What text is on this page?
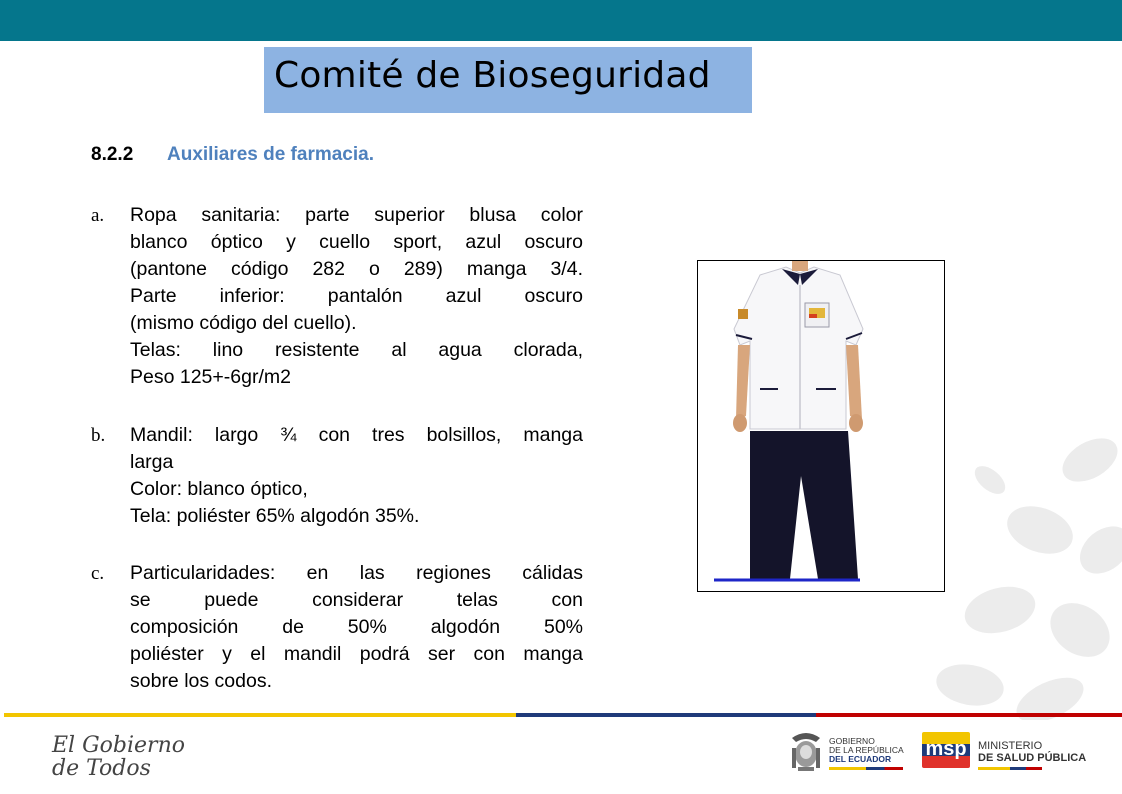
Comité de Bioseguridad
8.2.2 Auxiliares de farmacia.
a. Ropa sanitaria: parte superior blusa color
blanco óptico y cuello sport, azul oscuro
(pantone código 282 o 289) manga 3/4.
Parte inferior: pantalón azul oscuro
(mismo código del cuello).
Telas: lino resistente al agua clorada,
Peso 125+-6gr/m2
b. Mandil: largo ¾ con tres bolsillos, manga
larga
Color: blanco óptico,
Tela: poliéster 65% algodón 35%.
c. Particularidades: en las regiones cálidas
se puede considerar telas con
composición de 50% algodón 50%
poliéster y el mandil podrá ser con manga
sobre los codos.
El Gobierno
de Todos
GOBIERNO
DE LA REPÚBLICA
DEL ECUADOR	msp	MINISTERIO
DE SALUD PÚBLICA
